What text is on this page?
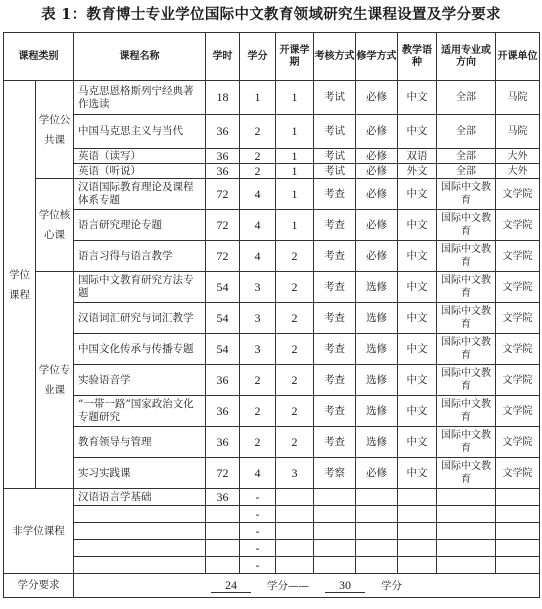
表 1：教育博士专业学位国际中文教育领域研究生课程设置及学分要求
课程类别		课程名称	学时	学分	开课学期	考核方式	修学方式	教学语种	适用专业或方向	开课单位
学位课程	学位公共课	马克思恩格斯列宁经典著作选读	18	1	1	考试	必修	中文	全部	马院
		中国马克思主义与当代	36	2	1	考试	必修	中文	全部	马院
		英语（读写）	36	2	1	考试	必修	双语	全部	大外
		英语（听说）	36	2	1	考试	必修	外文	全部	大外
	学位核心课	汉语国际教育理论及课程体系专题	72	4	1	考查	必修	中文	国际中文教育	文学院
		语言研究理论专题	72	4	1	考查	必修	中文	国际中文教育	文学院
		语言习得与语言教学	72	4	2	考查	必修	中文	国际中文教育	文学院
	学位专业课	国际中文教育研究方法专题	54	3	2	考查	选修	中文	国际中文教育	文学院
		汉语词汇研究与词汇教学	54	3	2	考查	选修	中文	国际中文教育	文学院
		中国文化传承与传播专题	54	3	2	考查	选修	中文	国际中文教育	文学院
		实验语音学	36	2	2	考查	选修	中文	国际中文教育	文学院
		“一带一路”国家政治文化专题研究	36	2	2	考查	选修	中文	国际中文教育	文学院
		教育领导与管理	36	2	2	考查	选修	中文	国际中文教育	文学院
		实习实践课	72	4	3	考察	必修	中文	国际中文教育	文学院
非学位课程		汉语语言学基础	36	-						
				-						
				-						
				-						
				-						
学分要求		24 学分—— 30 学分								
